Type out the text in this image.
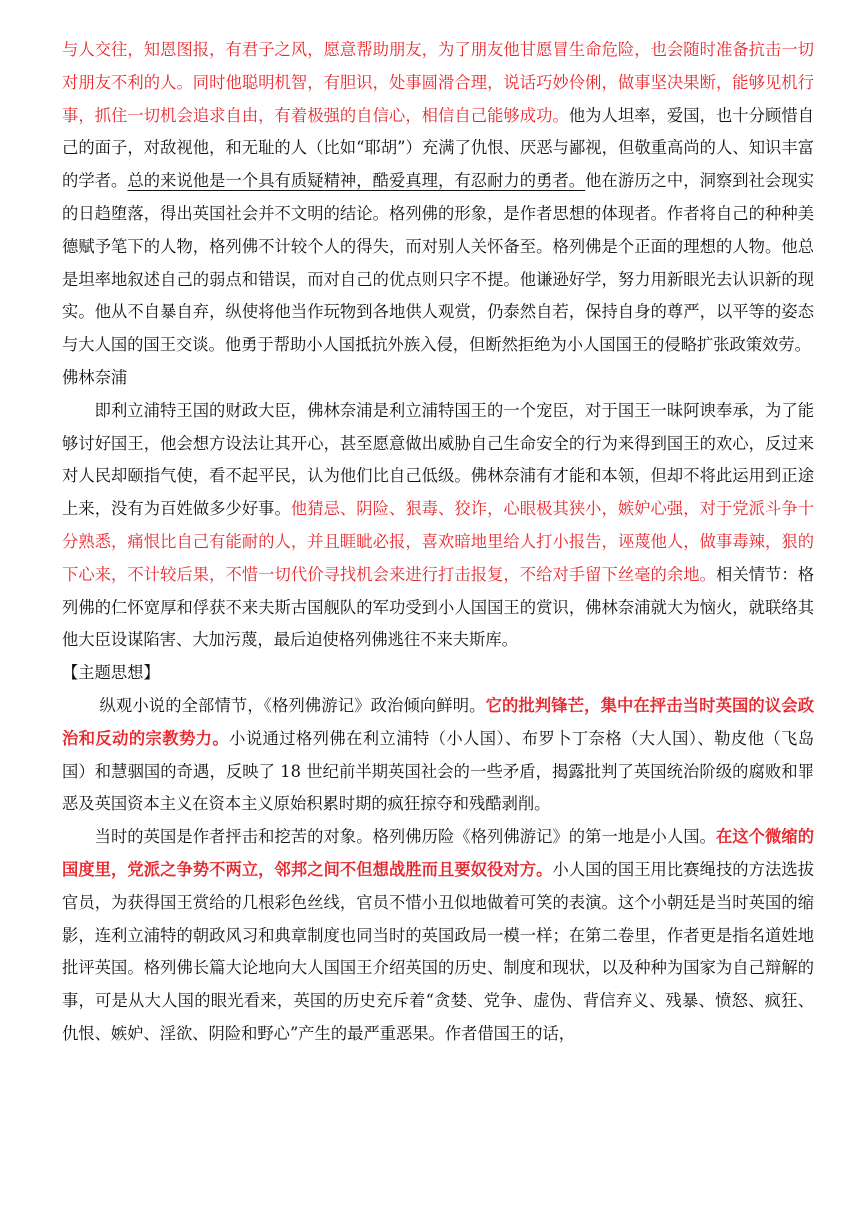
与人交往，知恩图报，有君子之风，愿意帮助朋友，为了朋友他甘愿冒生命危险，也会随时准备抗击一切对朋友不利的人。同时他聪明机智，有胆识，处事圆滑合理，说话巧妙伶俐，做事坚决果断，能够见机行事，抓住一切机会追求自由，有着极强的自信心，相信自己能够成功。他为人坦率，爱国，也十分顾惜自己的面子，对敌视他，和无耻的人（比如“耶胡”）充满了仇恨、厌恶与鄙视，但敬重高尚的人、知识丰富的学者。总的来说他是一个具有质疑精神，酷爱真理，有忍耐力的勇者。他在游历之中，洞察到社会现实的日趋堕落，得出英国社会并不文明的结论。格列佛的形象，是作者思想的体现者。作者将自己的种种美德赋予笔下的人物，格列佛不计较个人的得失，而对别人关怀备至。格列佛是个正面的理想的人物。他总是坦率地叙述自己的弱点和错误，而对自己的优点则只字不提。他谦逊好学，努力用新眼光去认识新的现实。他从不自暴自弃，纵使将他当作玩物到各地供人观赏，仍泰然自若，保持自身的尊严，以平等的姿态与大人国的国王交谈。他勇于帮助小人国抵抗外族入侵，但断然拒绝为小人国国王的侵略扩张政策效劳。

佛林奈浦

即利立浦特王国的财政大臣，佛林奈浦是利立浦特国王的一个宠臣，对于国王一昧阿谀奉承，为了能够讨好国王，他会想方设法让其开心，甚至愿意做出威胁自己生命安全的行为来得到国王的欢心，反过来对人民却颐指气使，看不起平民，认为他们比自己低级。佛林奈浦有才能和本领，但却不将此运用到正途上来，没有为百姓做多少好事。他猜忌、阴险、狠毒、狡诈，心眼极其狭小，嫉妒心强，对于党派斗争十分熟悉，痛恨比自己有能耐的人，并且睚眦必报，喜欢暗地里给人打小报告，诬蔑他人，做事毒辣，狠的下心来，不计较后果，不惜一切代价寻找机会来进行打击报复，不给对手留下丝毫的余地。相关情节：格列佛的仁怀宽厚和俘获不来夫斯古国舰队的军功受到小人国国王的赏识，佛林奈浦就大为恼火，就联络其他大臣设谋陷害、大加污蔑，最后迫使格列佛逃往不来夫斯库。

【主题思想】

纵观小说的全部情节，《格列佛游记》政治倾向鲜明。它的批判锋芒，集中在抨击当时英国的议会政治和反动的宗教势力。小说通过格列佛在利立浦特（小人国）、布罗卜丁奈格（大人国）、勒皮他（飞岛国）和慧骃国的奇遇，反映了 18 世纪前半期英国社会的一些矛盾，揭露批判了英国统治阶级的腐败和罪恶及英国资本主义在资本主义原始积累时期的疯狂掠夺和残酷剥削。

当时的英国是作者抨击和挖苦的对象。格列佛历险《格列佛游记》的第一地是小人国。在这个微缩的国度里，党派之争势不两立，邻邦之间不但想战胜而且要奴役对方。小人国的国王用比赛绳技的方法选拔官员，为获得国王赏给的几根彩色丝线，官员不惜小丑似地做着可笑的表演。这个小朝廷是当时英国的缩影，连利立浦特的朝政风习和典章制度也同当时的英国政局一模一样；在第二卷里，作者更是指名道姓地批评英国。格列佛长篇大论地向大人国国王介绍英国的历史、制度和现状，以及种种为国家为自己辩解的事，可是从大人国的眼光看来，英国的历史充斥着“贪婪、党争、虚伪、背信弃义、残暴、愤怒、疯狂、仇恨、嫉妒、淫欲、阴险和野心”产生的最严重恶果。作者借国王的话，
